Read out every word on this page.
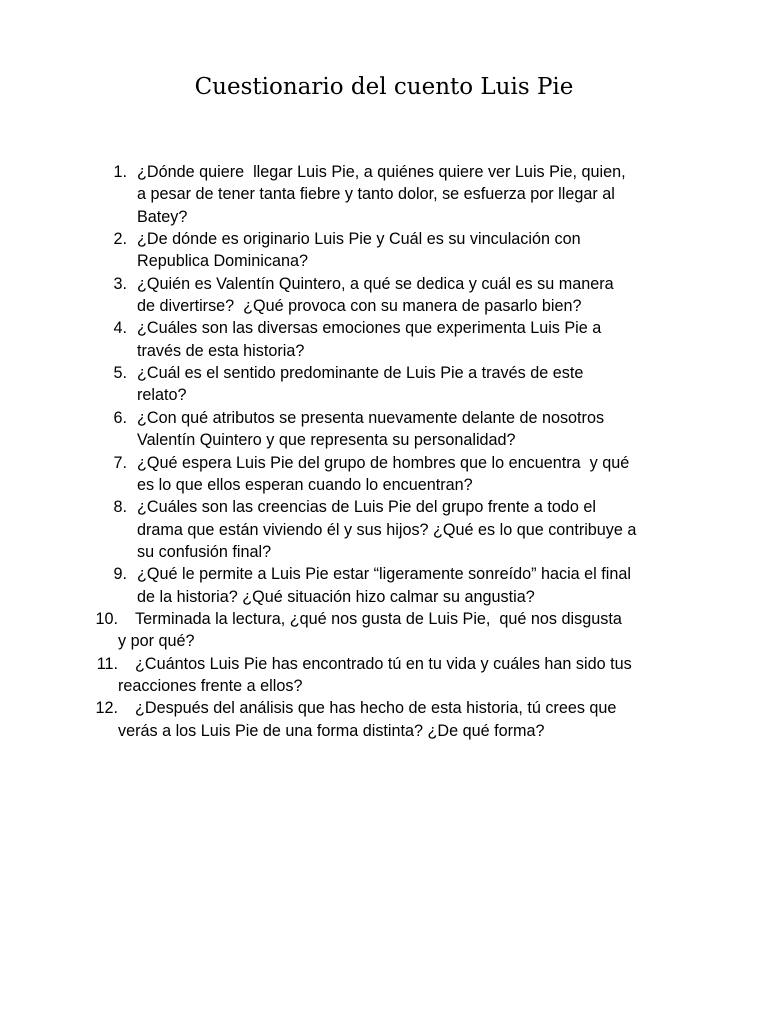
Cuestionario del cuento Luis Pie
1. ¿Dónde quiere  llegar Luis Pie, a quiénes quiere ver Luis Pie, quien,
a pesar de tener tanta fiebre y tanto dolor, se esfuerza por llegar al
Batey?
2. ¿De dónde es originario Luis Pie y Cuál es su vinculación con
Republica Dominicana?
3. ¿Quién es Valentín Quintero, a qué se dedica y cuál es su manera
de divertirse?  ¿Qué provoca con su manera de pasarlo bien?
4. ¿Cuáles son las diversas emociones que experimenta Luis Pie a
través de esta historia?
5. ¿Cuál es el sentido predominante de Luis Pie a través de este
relato?
6. ¿Con qué atributos se presenta nuevamente delante de nosotros
Valentín Quintero y que representa su personalidad?
7. ¿Qué espera Luis Pie del grupo de hombres que lo encuentra  y qué
es lo que ellos esperan cuando lo encuentran?
8. ¿Cuáles son las creencias de Luis Pie del grupo frente a todo el
drama que están viviendo él y sus hijos? ¿Qué es lo que contribuye a
su confusión final?
9. ¿Qué le permite a Luis Pie estar “ligeramente sonreído” hacia el final
de la historia? ¿Qué situación hizo calmar su angustia?
10.	Terminada la lectura, ¿qué nos gusta de Luis Pie,  qué nos disgusta
y por qué?
11.	¿Cuántos Luis Pie has encontrado tú en tu vida y cuáles han sido tus
reacciones frente a ellos?
12.	¿Después del análisis que has hecho de esta historia, tú crees que
verás a los Luis Pie de una forma distinta? ¿De qué forma?
